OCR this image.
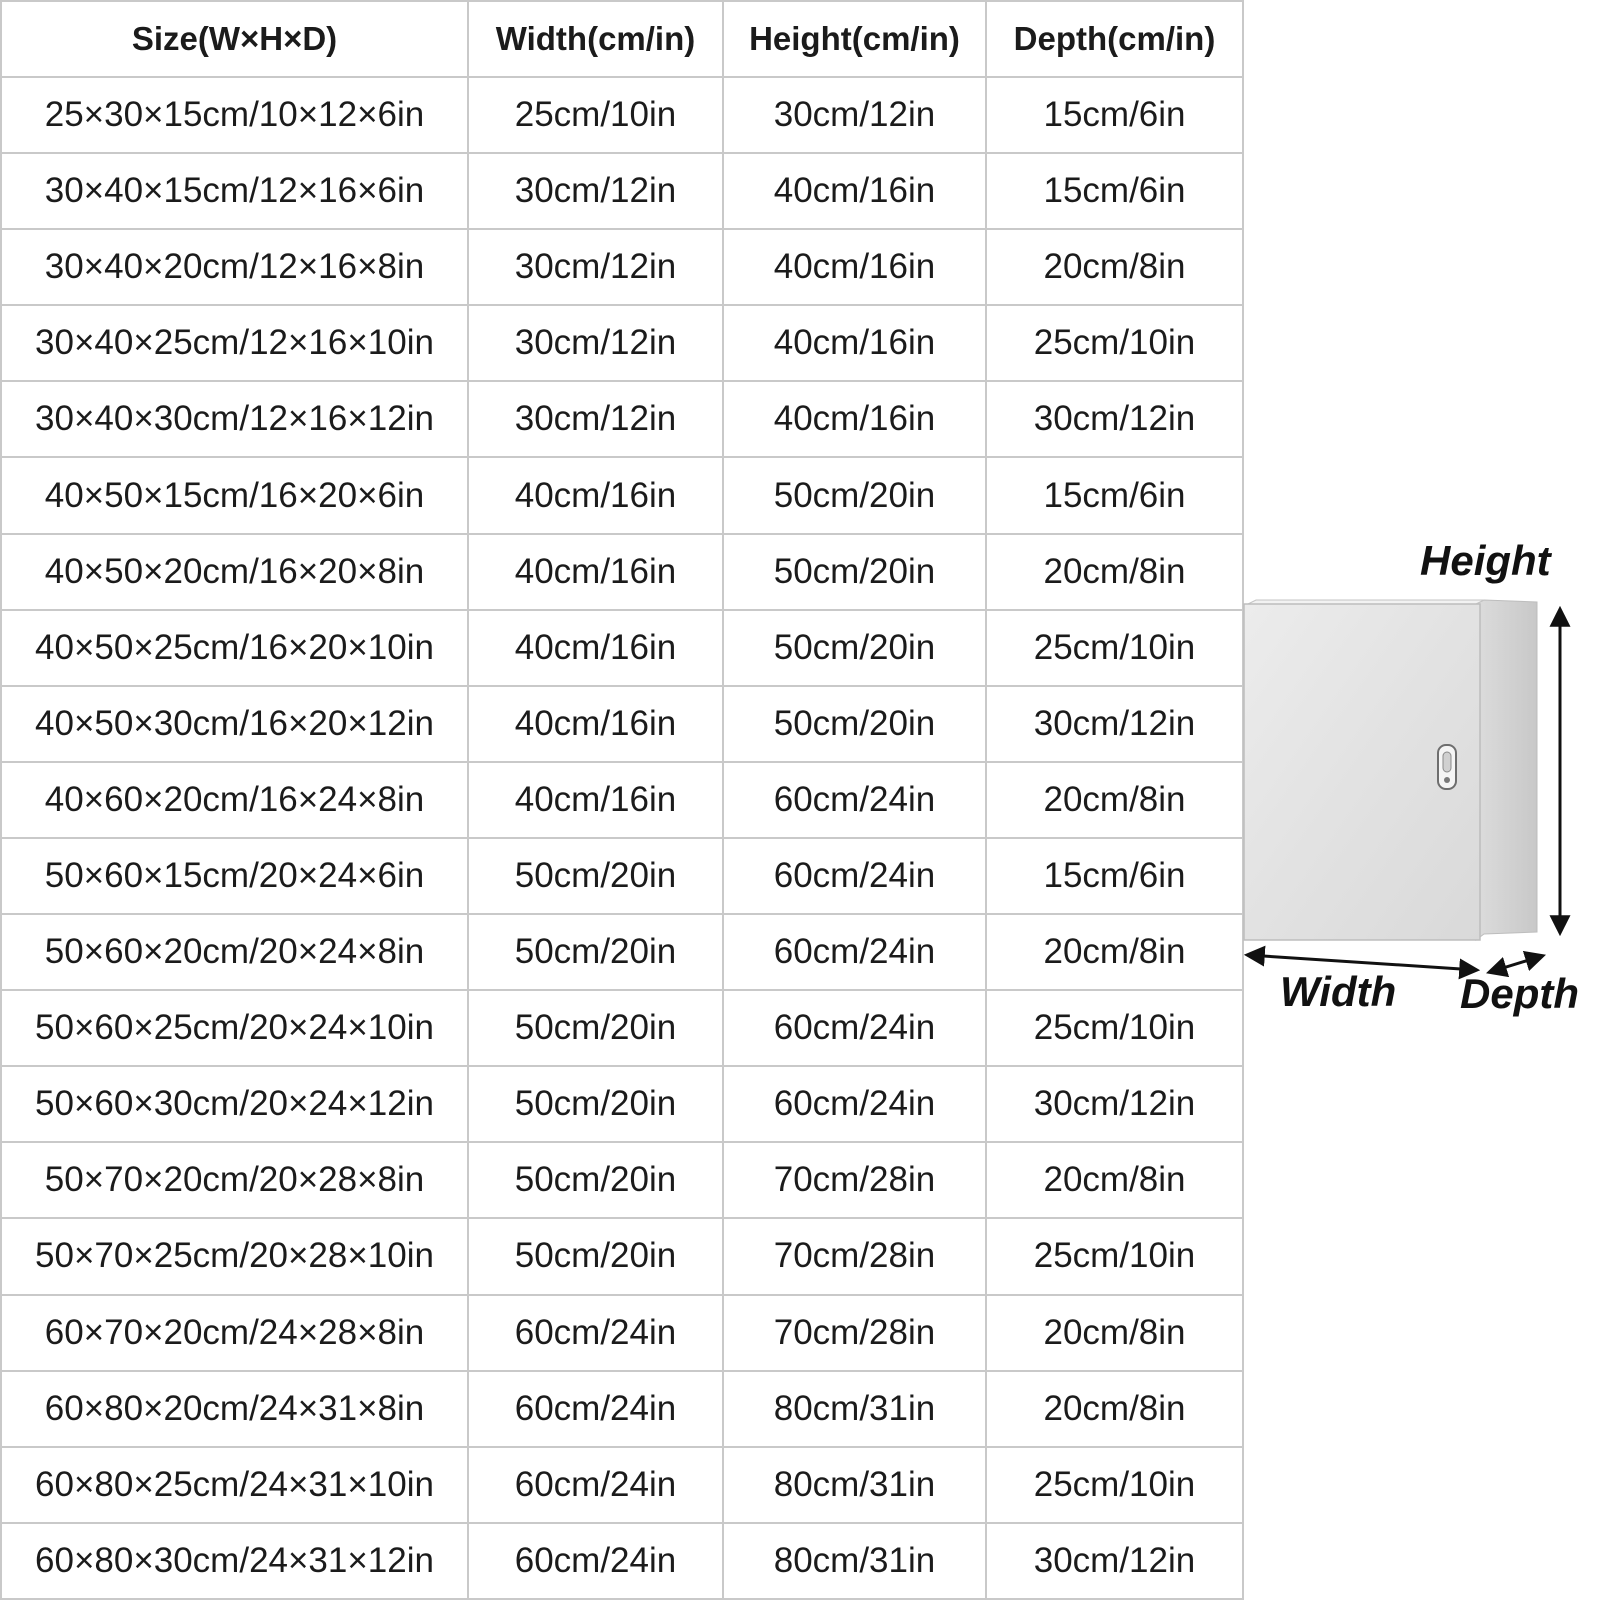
Size(W×H×D)	Width(cm/in)	Height(cm/in)	Depth(cm/in)
25×30×15cm/10×12×6in	25cm/10in	30cm/12in	15cm/6in
30×40×15cm/12×16×6in	30cm/12in	40cm/16in	15cm/6in
30×40×20cm/12×16×8in	30cm/12in	40cm/16in	20cm/8in
30×40×25cm/12×16×10in	30cm/12in	40cm/16in	25cm/10in
30×40×30cm/12×16×12in	30cm/12in	40cm/16in	30cm/12in
40×50×15cm/16×20×6in	40cm/16in	50cm/20in	15cm/6in
40×50×20cm/16×20×8in	40cm/16in	50cm/20in	20cm/8in
40×50×25cm/16×20×10in	40cm/16in	50cm/20in	25cm/10in
40×50×30cm/16×20×12in	40cm/16in	50cm/20in	30cm/12in
40×60×20cm/16×24×8in	40cm/16in	60cm/24in	20cm/8in
50×60×15cm/20×24×6in	50cm/20in	60cm/24in	15cm/6in
50×60×20cm/20×24×8in	50cm/20in	60cm/24in	20cm/8in
50×60×25cm/20×24×10in	50cm/20in	60cm/24in	25cm/10in
50×60×30cm/20×24×12in	50cm/20in	60cm/24in	30cm/12in
50×70×20cm/20×28×8in	50cm/20in	70cm/28in	20cm/8in
50×70×25cm/20×28×10in	50cm/20in	70cm/28in	25cm/10in
60×70×20cm/24×28×8in	60cm/24in	70cm/28in	20cm/8in
60×80×20cm/24×31×8in	60cm/24in	80cm/31in	20cm/8in
60×80×25cm/24×31×10in	60cm/24in	80cm/31in	25cm/10in
60×80×30cm/24×31×12in	60cm/24in	80cm/31in	30cm/12in
Height
Width Depth
